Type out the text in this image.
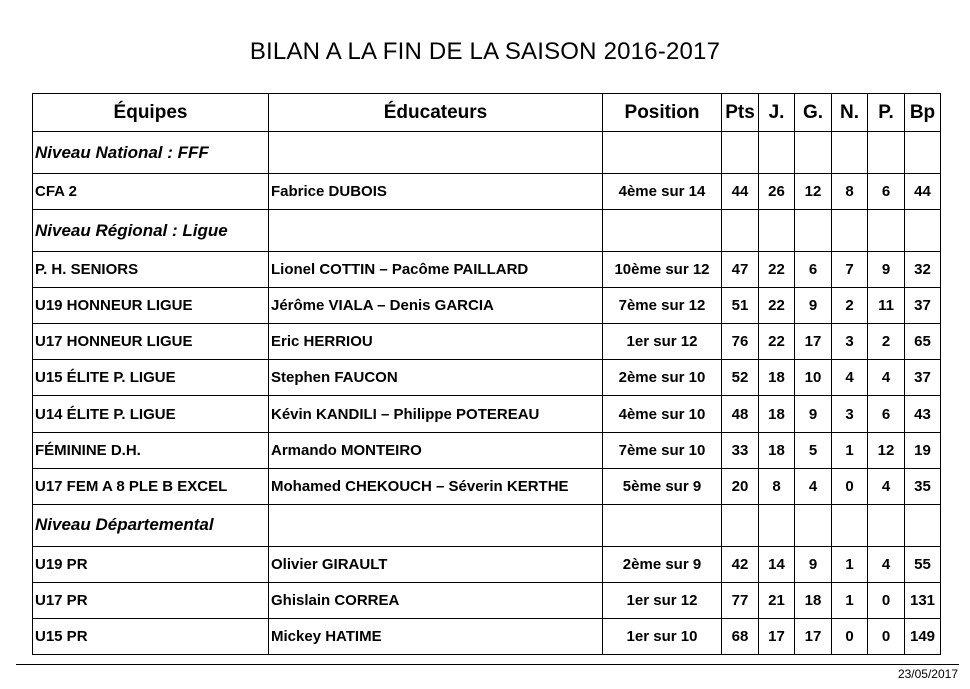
BILAN A LA FIN DE LA SAISON 2016-2017
Équipes	Éducateurs	Position	Pts	J.	G.	N.	P.	Bp
Niveau National : FFF								
CFA 2	Fabrice DUBOIS	4ème sur 14	44	26	12	8	6	44
Niveau Régional : Ligue								
P. H. SENIORS	Lionel COTTIN – Pacôme PAILLARD	10ème sur 12	47	22	6	7	9	32
U19 HONNEUR LIGUE	Jérôme VIALA – Denis GARCIA	7ème sur 12	51	22	9	2	11	37
U17 HONNEUR LIGUE	Eric HERRIOU	1er sur 12	76	22	17	3	2	65
U15 ÉLITE P. LIGUE	Stephen FAUCON	2ème sur 10	52	18	10	4	4	37
U14 ÉLITE P. LIGUE	Kévin KANDILI – Philippe POTEREAU	4ème sur 10	48	18	9	3	6	43
FÉMININE D.H.	Armando MONTEIRO	7ème sur 10	33	18	5	1	12	19
U17 FEM A 8 PLE B EXCEL	Mohamed CHEKOUCH – Séverin KERTHE	5ème sur 9	20	8	4	0	4	35
Niveau Départemental								
U19 PR	Olivier GIRAULT	2ème sur 9	42	14	9	1	4	55
U17 PR	Ghislain CORREA	1er sur 12	77	21	18	1	0	131
U15 PR	Mickey HATIME	1er sur 10	68	17	17	0	0	149
23/05/2017
